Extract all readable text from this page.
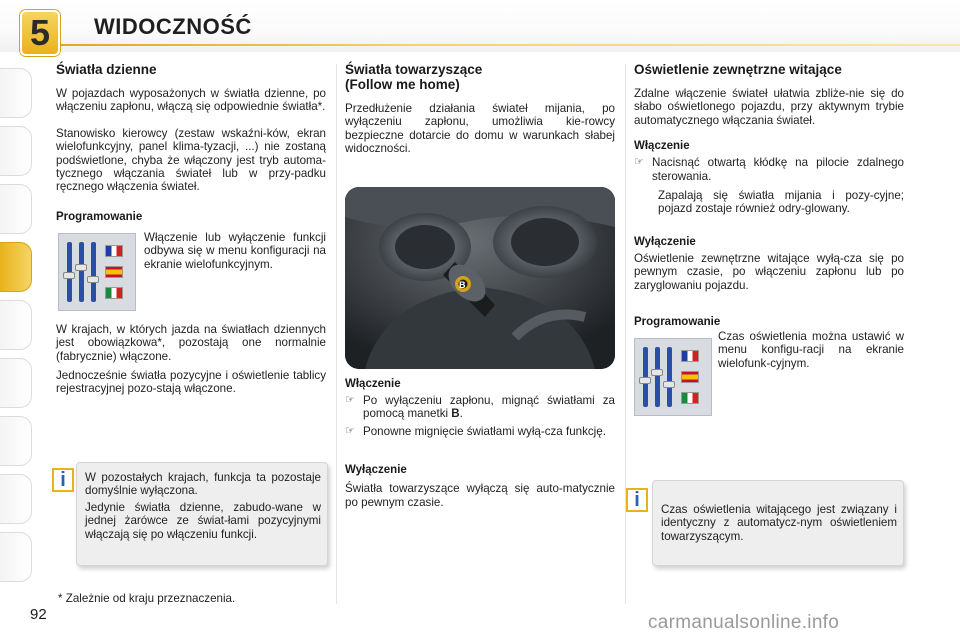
5	WIDOCZNOŚĆ
Światła dzienne

W pojazdach wyposażonych w światła dzienne, po włączeniu zapłonu, włączą się odpowiednie światła*.

Stanowisko kierowcy (zestaw wskaźni-ków, ekran wielofunkcyjny, panel klima-tyzacji, ...) nie zostaną podświetlone, chyba że włączony jest tryb automa-tycznego włączania świateł lub w przy-padku ręcznego włączenia świateł.

Programowanie

Włączenie lub wyłączenie funkcji odbywa się w menu konfiguracji na ekranie wielofunkcyjnym.

W krajach, w których jazda na światłach dziennych jest obowiązkowa*, pozostają one normalnie (fabrycznie) włączone.

Jednocześnie światła pozycyjne i oświetlenie tablicy rejestracyjnej pozo-stają włączone.

W pozostałych krajach, funkcja ta pozostaje domyślnie wyłączona.

Jedynie światła dzienne, zabudo-wane w jednej żarówce ze świat-łami pozycyjnymi włączają się po włączeniu funkcji.

i
* Zależnie od kraju przeznaczenia.
Światła towarzyszące
(Follow me home)

Przedłużenie działania świateł mijania, po wyłączeniu zapłonu, umożliwia kie-rowcy bezpieczne dotarcie do domu w warunkach słabej widoczności.

B
Włączenie
☞ Po wyłączeniu zapłonu, mignąć światłami za pomocą manetki B.
☞ Ponowne mignięcie światłami wyłą-cza funkcję.
Wyłączenie

Światła towarzyszące wyłączą się auto-matycznie po pewnym czasie.

Oświetlenie zewnętrzne witające

Zdalne włączenie świateł ułatwia zbliże-nie się do słabo oświetlonego pojazdu, przy aktywnym trybie automatycznego włączania świateł.

Włączenie
☞ Nacisnąć otwartą kłódkę na pilocie zdalnego sterowania.

Zapalają się światła mijania i pozy-cyjne; pojazd zostaje również odry-glowany.

Wyłączenie

Oświetlenie zewnętrzne witające wyłą-cza się po pewnym czasie, po włączeniu zapłonu lub po zaryglowaniu pojazdu.

Programowanie

Czas oświetlenia można ustawić w menu konfigu-racji na ekranie wielofunk-cyjnym.

Czas oświetlenia witającego jest związany i identyczny z automatycz-nym oświetleniem towarzyszącym.

i
92	carmanualsonline.info
